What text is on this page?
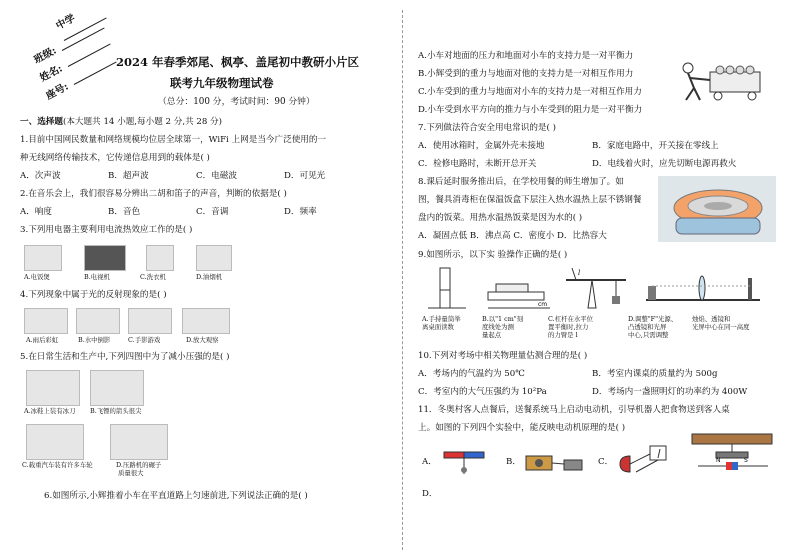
中学
班级:
姓名:
座号:
2024 年春季郊尾、枫亭、盖尾初中教研小片区
联考九年级物理试卷
（总分：100 分，考试时间：90 分钟）
一、选择题(本大题共 14 小题,每小题 2 分,共 28 分)
1.目前中国网民数量和网络规模均位居全球第一，WiFi 上网是当今广泛使用的一
种无线网络传输技术，它传递信息用到的载体是( )
A．次声波	B．超声波	C．电磁波	D．可见光
2.在音乐会上，我们很容易分辨出二胡和笛子的声音，判断的依据是( )
A．响度	B．音色	C．音调	D．频率
3.下列用电器主要利用电流热效应工作的是( )
A.电饭煲	B.电视机	C.洗衣机	D.油烟机
4.下列现象中属于光的反射现象的是( )
A.雨后彩虹	B.水中倒影	C.手影游戏	D.放大观察
5.在日常生活和生产中,下列四图中为了减小压强的是( )
A.冰鞋上装有冰刀 B.飞镖的箭头很尖
C.载重汽车装有许多车轮	D.压路机的碾子
质量很大
6.如图所示,小辉推着小车在平直道路上匀速前进,下列说法正确的是( )
A.小车对地面的压力和地面对小车的支持力是一对平衡力
B.小辉受到的重力与地面对他的支持力是一对相互作用力
C.小车受到的重力与地面对小车的支持力是一对相互作用力
D.小车受到水平方向的推力与小车受到的阻力是一对平衡力
7.下列做法符合安全用电常识的是( )
A．使用冰箱时，金属外壳未接地	B．家庭电路中，开关接在零线上
C．检修电路时，未断开总开关	D．电线着火时，应先切断电源再救火
8.课后延时服务推出后，在学校用餐的师生增加了。如
图，餐具消毒柜在保温饭盒下层注入热水温热上层不锈钢餐
盘内的饭菜。用热水温热饭菜是因为水的( )
A．凝固点低 B．沸点高 C．密度小 D．比热容大
9.如图所示，以下实 验操作正确的是( )
cm
l
A.手持量筒举
离桌面读数
B.以"1 cm"刻
度线处为测
量起点
C.杠杆在水平位
置平衡时,拉力
的力臂是 l
D.调整"F"光源、
凸透镜和光屏
中心,只需调整
烛焰、透镜和
光屏中心在同一高度
10.下列对考场中相关物理量估测合理的是( )
A．考场内的气温约为 50℃	B．考室内课桌的质量约为 500g
C．考室内的大气压强约为 10²Pa	D．考场内一盏照明灯的功率约为 400W
11．冬奥村客人点餐后，送餐系统马上启动电动机，引导机器人把食物送到客人桌
上。如图的下列四个实验中，能反映电动机原理的是( )
A．	B．	C．	N	S
D．
